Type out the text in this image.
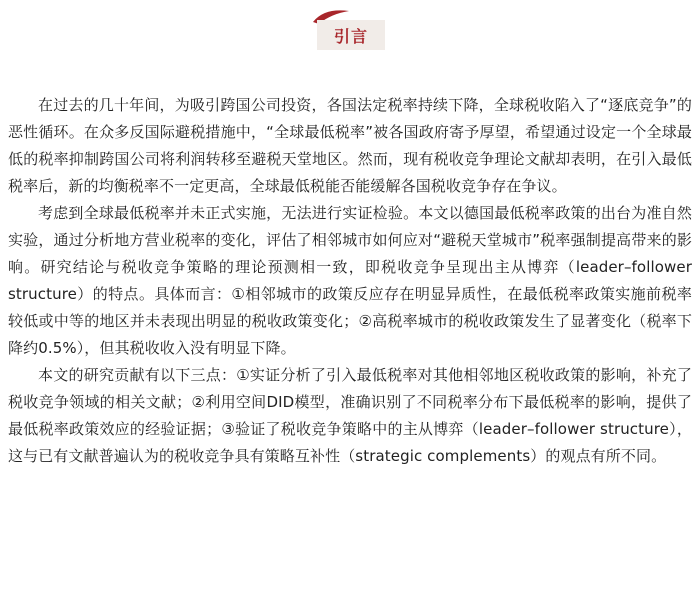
引言

在过去的几十年间，为吸引跨国公司投资，各国法定税率持续下降，全球税收陷入了“逐底竞争”的恶性循环。在众多反国际避税措施中，“全球最低税率”被各国政府寄予厚望，希望通过设定一个全球最低的税率抑制跨国公司将利润转移至避税天堂地区。然而，现有税收竞争理论文献却表明，在引入最低税率后，新的均衡税率不一定更高，全球最低税能否能缓解各国税收竞争存在争议。

考虑到全球最低税率并未正式实施，无法进行实证检验。本文以德国最低税率政策的出台为准自然实验，通过分析地方营业税率的变化，评估了相邻城市如何应对“避税天堂城市”税率强制提高带来的影响。研究结论与税收竞争策略的理论预测相一致，即税收竞争呈现出主从博弈（leader–follower structure）的特点。具体而言：①相邻城市的政策反应存在明显异质性，在最低税率政策实施前税率较低或中等的地区并未表现出明显的税收政策变化；②高税率城市的税收政策发生了显著变化（税率下降约0.5%），但其税收收入没有明显下降。

本文的研究贡献有以下三点：①实证分析了引入最低税率对其他相邻地区税收政策的影响，补充了税收竞争领域的相关文献；②利用空间DID模型，准确识别了不同税率分布下最低税率的影响，提供了最低税率政策效应的经验证据；③验证了税收竞争策略中的主从博弈（leader–follower structure），这与已有文献普遍认为的税收竞争具有策略互补性（strategic complements）的观点有所不同。
